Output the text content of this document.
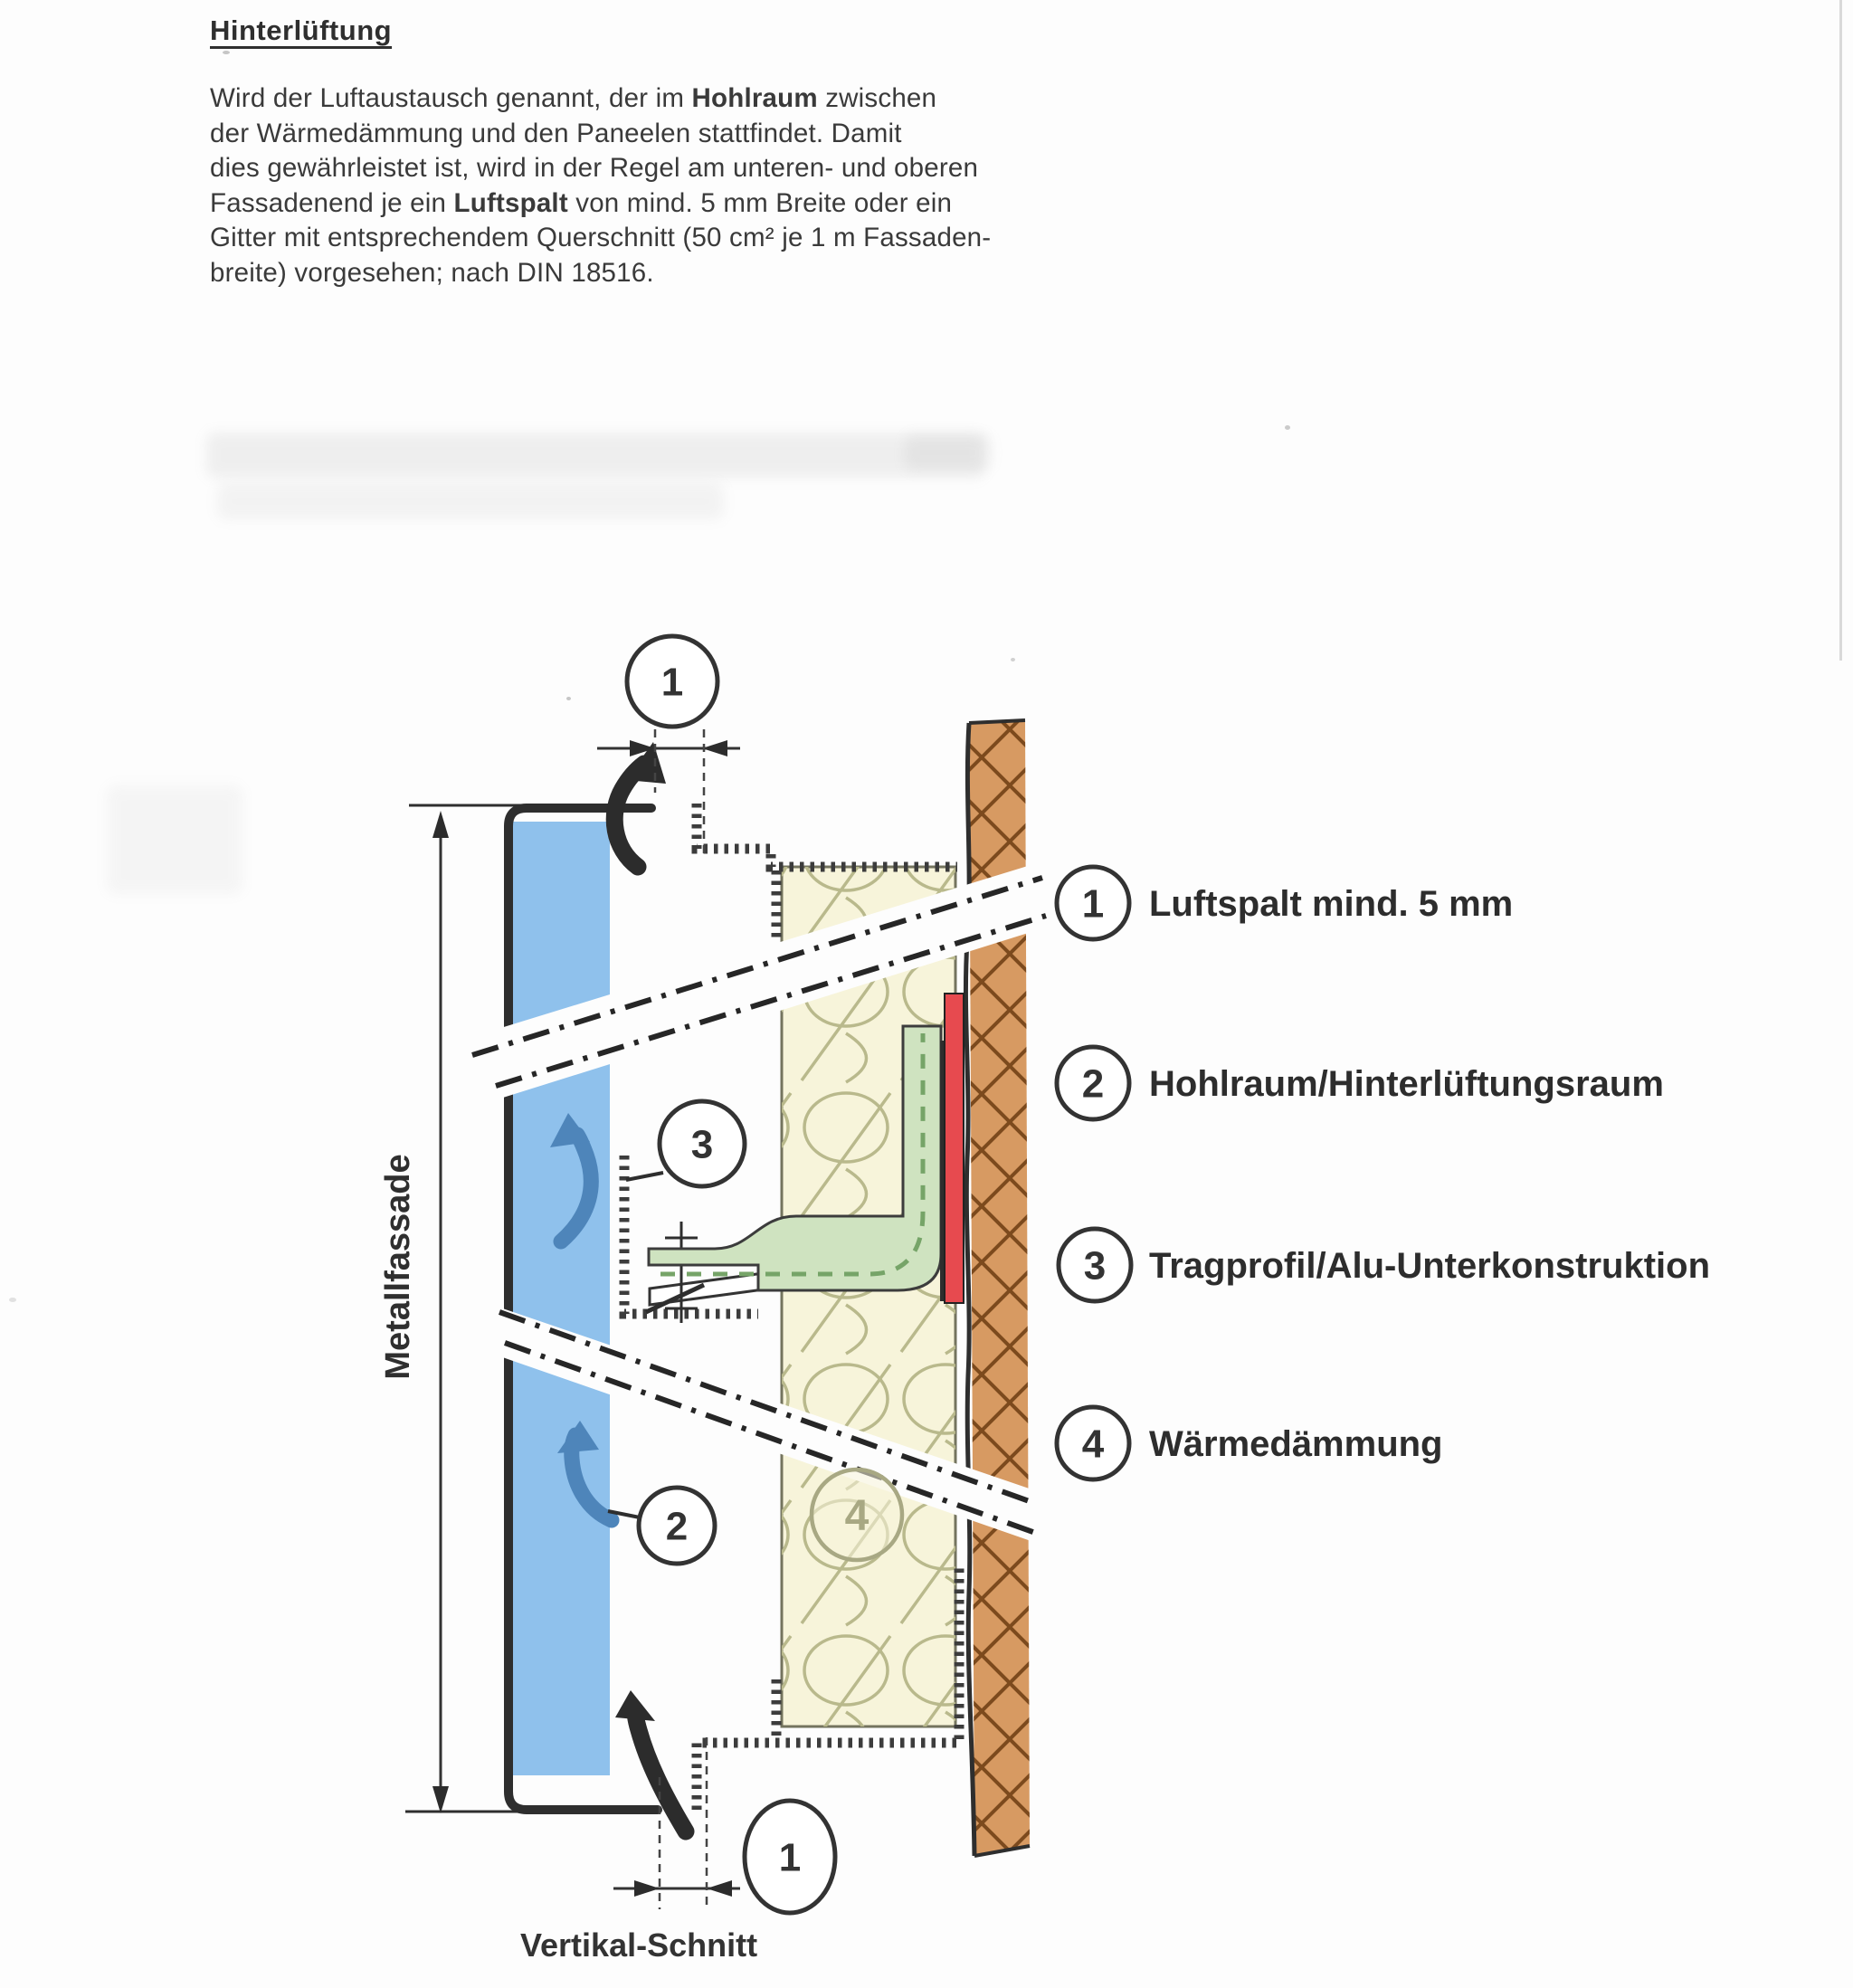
Hinterlüftung
Wird der Luftaustausch genannt, der im Hohlraum zwischen
der Wärmedämmung und den Paneelen stattfindet. Damit
dies gewährleistet ist, wird in der Regel am unteren- und oberen
Fassadenend je ein Luftspalt von mind. 5 mm Breite oder ein
Gitter mit entsprechendem Querschnitt (50 cm² je 1 m Fassaden-
breite) vorgesehen; nach DIN 18516.
1
3
2	4
1
Metallfassade
1 Luftspalt mind. 5 mm
2 Hohlraum/Hinterlüftungsraum
3 Tragprofil/Alu-Unterkonstruktion
4 Wärmedämmung
Vertikal-Schnitt
